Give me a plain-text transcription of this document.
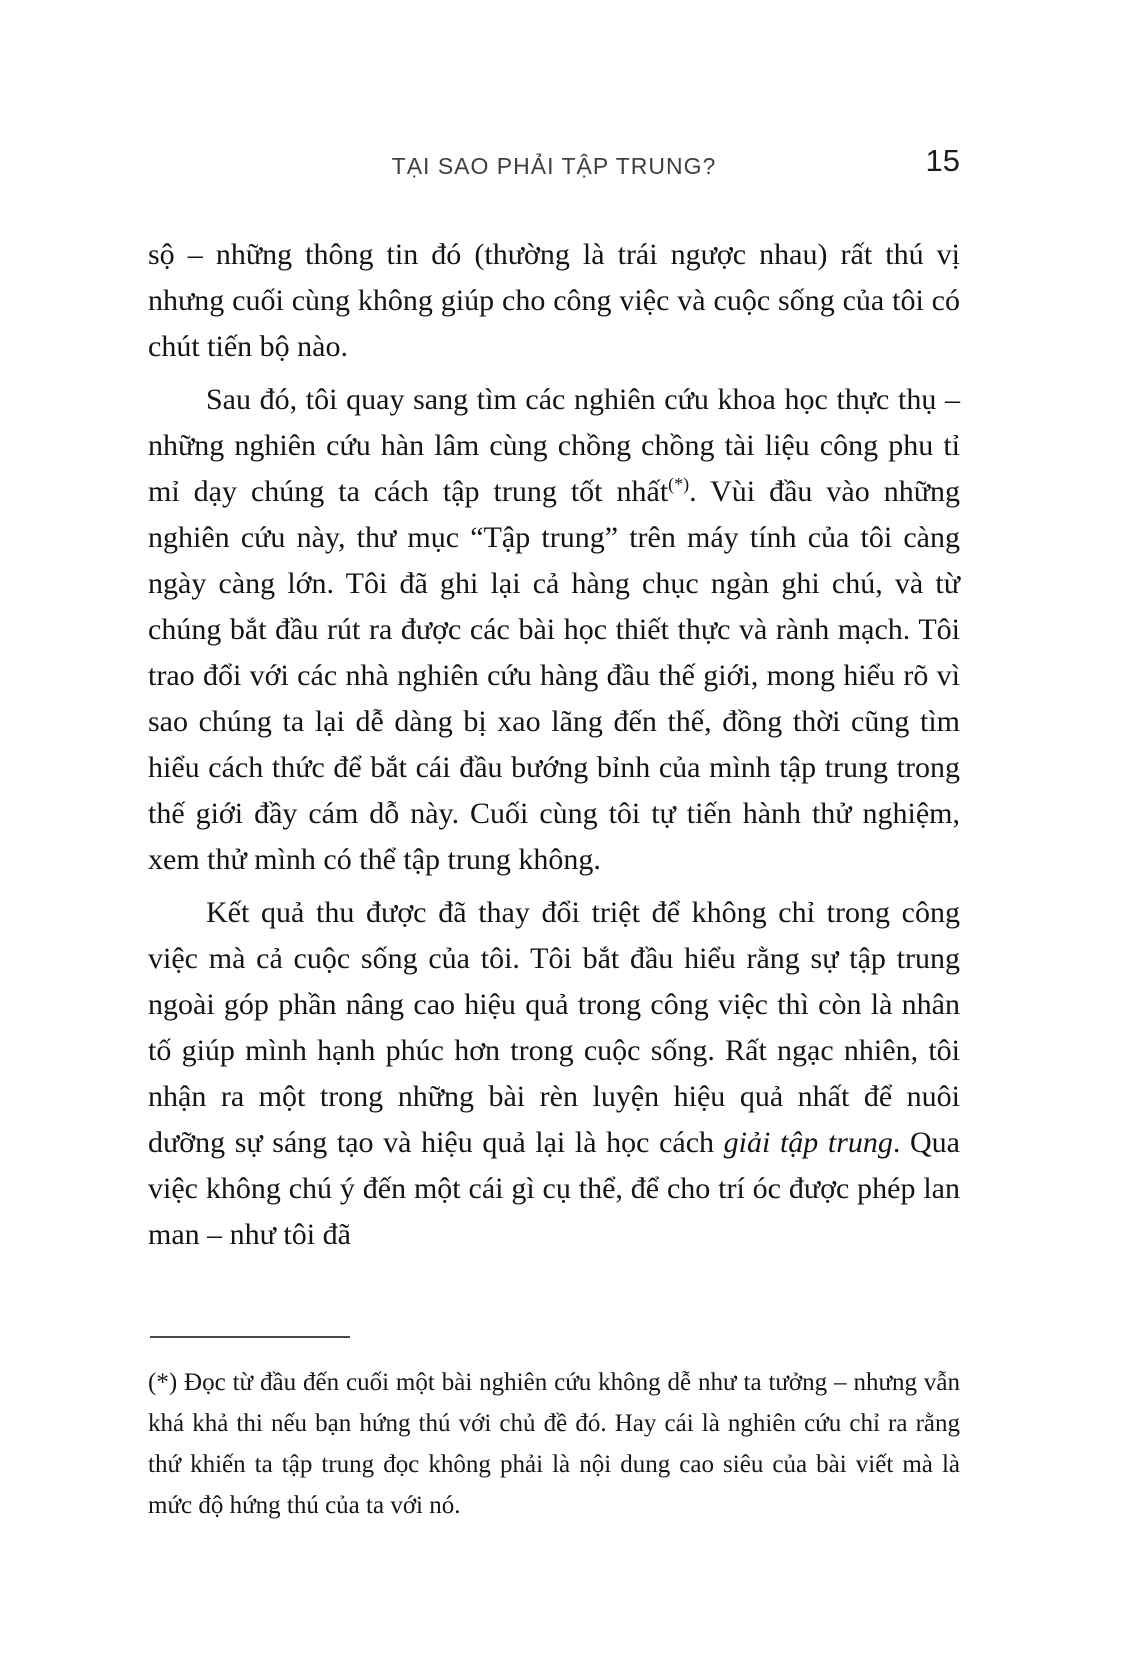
TẠI SAO PHẢI TẬP TRUNG?	15

sộ – những thông tin đó (thường là trái ngược nhau) rất thú vị nhưng cuối cùng không giúp cho công việc và cuộc sống của tôi có chút tiến bộ nào.

Sau đó, tôi quay sang tìm các nghiên cứu khoa học thực thụ – những nghiên cứu hàn lâm cùng chồng chồng tài liệu công phu tỉ mỉ dạy chúng ta cách tập trung tốt nhất(*). Vùi đầu vào những nghiên cứu này, thư mục “Tập trung” trên máy tính của tôi càng ngày càng lớn. Tôi đã ghi lại cả hàng chục ngàn ghi chú, và từ chúng bắt đầu rút ra được các bài học thiết thực và rành mạch. Tôi trao đổi với các nhà nghiên cứu hàng đầu thế giới, mong hiểu rõ vì sao chúng ta lại dễ dàng bị xao lãng đến thế, đồng thời cũng tìm hiểu cách thức để bắt cái đầu bướng bỉnh của mình tập trung trong thế giới đầy cám dỗ này. Cuối cùng tôi tự tiến hành thử nghiệm, xem thử mình có thể tập trung không.

Kết quả thu được đã thay đổi triệt để không chỉ trong công việc mà cả cuộc sống của tôi. Tôi bắt đầu hiểu rằng sự tập trung ngoài góp phần nâng cao hiệu quả trong công việc thì còn là nhân tố giúp mình hạnh phúc hơn trong cuộc sống. Rất ngạc nhiên, tôi nhận ra một trong những bài rèn luyện hiệu quả nhất để nuôi dưỡng sự sáng tạo và hiệu quả lại là học cách giải tập trung. Qua việc không chú ý đến một cái gì cụ thể, để cho trí óc được phép lan man – như tôi đã

(*) Đọc từ đầu đến cuối một bài nghiên cứu không dễ như ta tưởng – nhưng vẫn khá khả thi nếu bạn hứng thú với chủ đề đó. Hay cái là nghiên cứu chỉ ra rằng thứ khiến ta tập trung đọc không phải là nội dung cao siêu của bài viết mà là mức độ hứng thú của ta với nó.
